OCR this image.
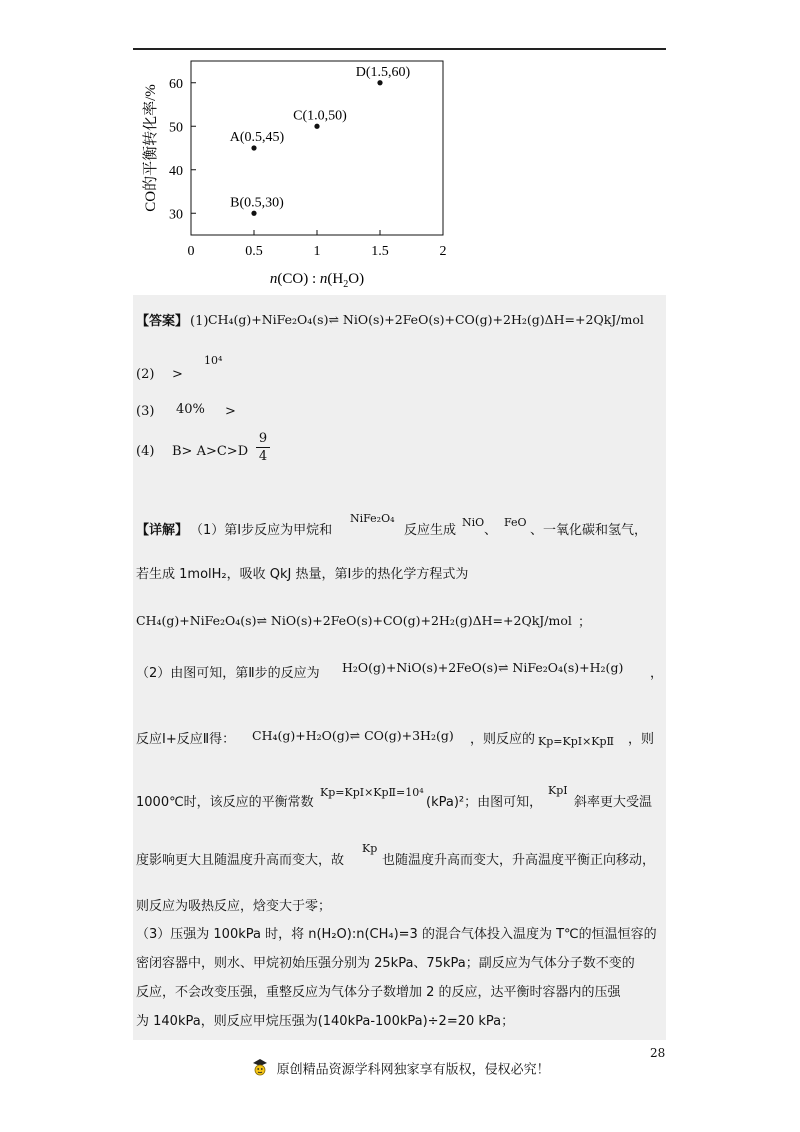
0	0.5	1	1.5	2
30
40
50
60
A(0.5,45)
B(0.5,30)
C(1.0,50)
D(1.5,60)
CO的平衡转化率/%
n(CO) : $n(H_2O)$
【答案】 (1) CH₄(g)+NiFe₂O₄(s)⇌ NiO(s)+2FeO(s)+CO(g)+2H₂(g)ΔH=+2QkJ/mol
(2) >
10⁴
(3) 40% >
(4) B> A>C>D
9
4
【详解】 （1）第Ⅰ步反应为甲烷和
NiFe₂O₄
反应生成
NiO
、
FeO
、一氧化碳和氢气，
若生成 1molH₂，吸收 QkJ 热量，第Ⅰ步的热化学方程式为
CH₄(g)+NiFe₂O₄(s)⇌ NiO(s)+2FeO(s)+CO(g)+2H₂(g)ΔH=+2QkJ/mol ；
（2）由图可知，第Ⅱ步的反应为 H₂O(g)+NiO(s)+2FeO(s)⇌ NiFe₂O₄(s)+H₂(g) ，
反应Ⅰ+反应Ⅱ得： CH₄(g)+H₂O(g)⇌ CO(g)+3H₂(g) ，则反应的 Kp=KpⅠ×KpⅡ ，则
1000℃时，该反应的平衡常数
Kp=KpⅠ×KpⅡ=10⁴
(kPa)²；由图可知，
KpⅠ
斜率更大受温
度影响更大且随温度升高而变大，故
Kp
也随温度升高而变大，升高温度平衡正向移动，
则反应为吸热反应，焓变大于零；
（3）压强为 100kPa 时，将 n(H₂O):n(CH₄)=3 的混合气体投入温度为 T℃的恒温恒容的
密闭容器中，则水、甲烷初始压强分别为 25kPa、75kPa；副反应为气体分子数不变的
反应，不会改变压强，重整反应为气体分子数增加 2 的反应，达平衡时容器内的压强
为 140kPa，则反应甲烷压强为(140kPa-100kPa)÷2=20 kPa；
28
原创精品资源学科网独家享有版权，侵权必究！
